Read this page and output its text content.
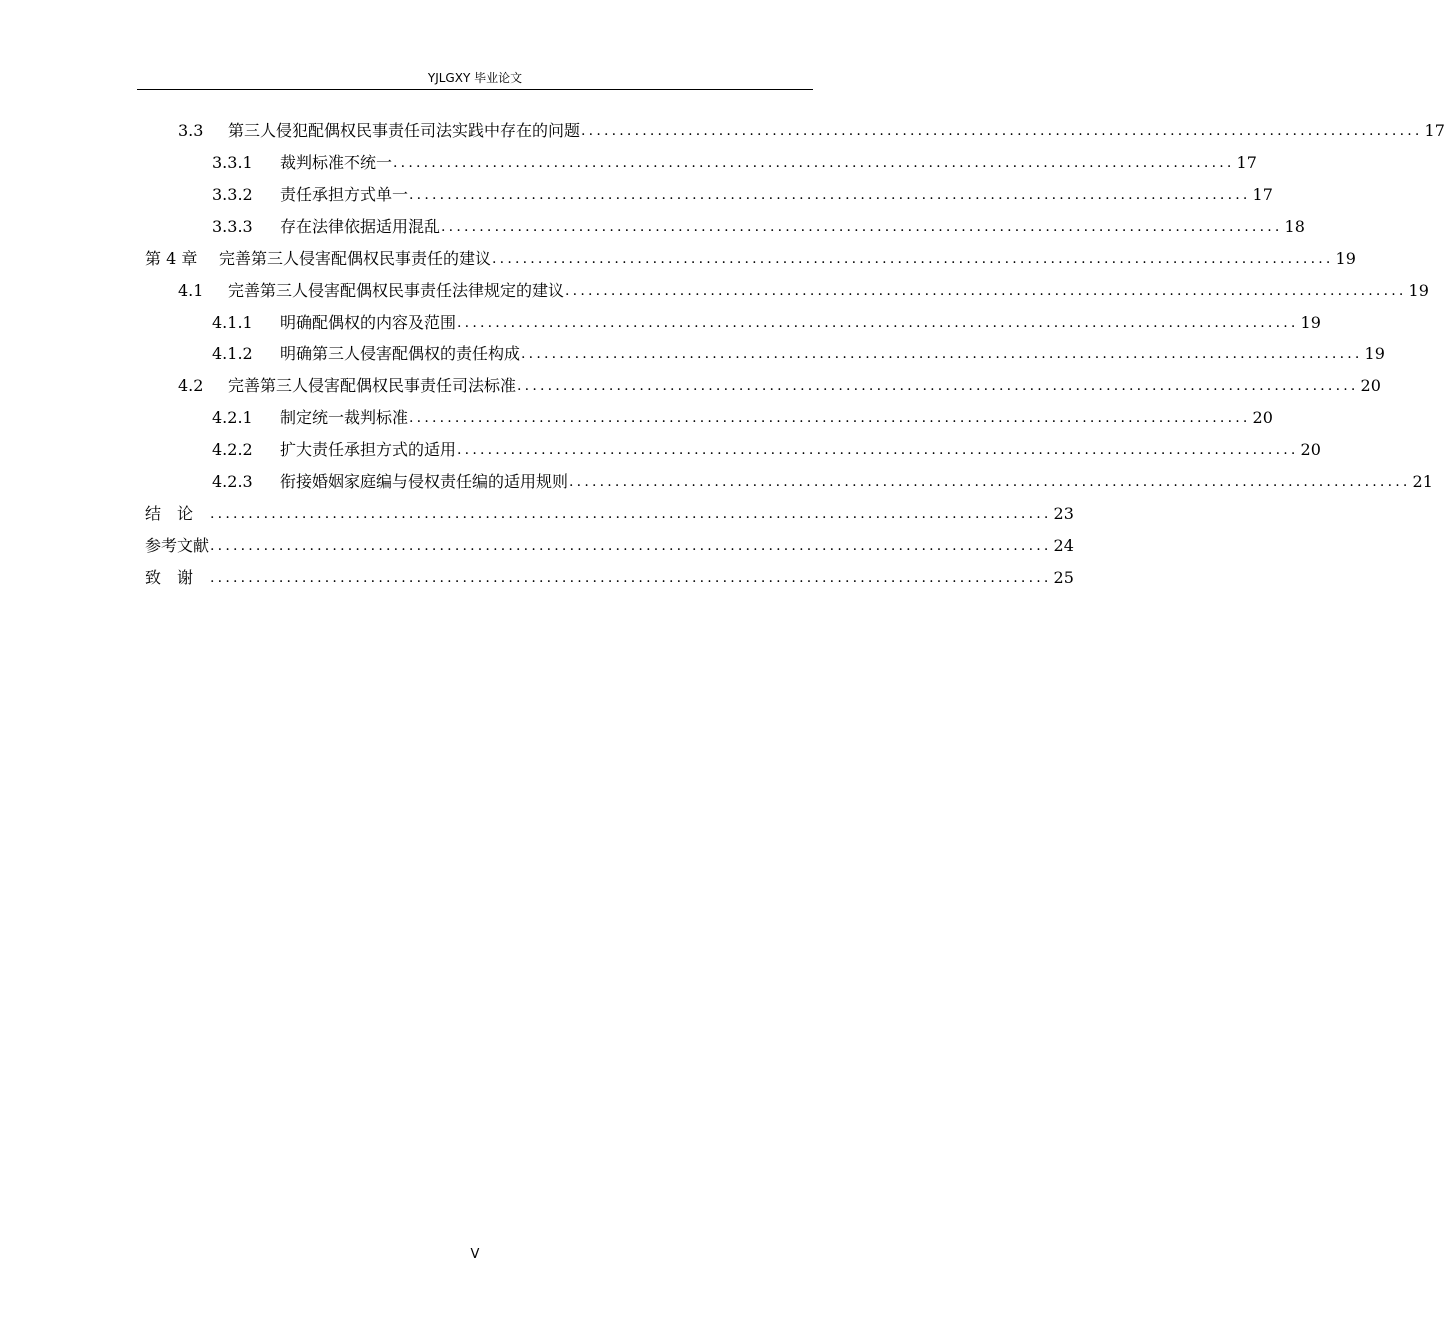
YJLGXY 毕业论文
3.3	第三人侵犯配偶权民事责任司法实践中存在的问题 .............................................................................................................. 17
3.3.1	裁判标准不统一 .............................................................................................................. 17
3.3.2	责任承担方式单一 .............................................................................................................. 17
3.3.3	存在法律依据适用混乱 .............................................................................................................. 18
第 4 章	完善第三人侵害配偶权民事责任的建议 .............................................................................................................. 19
4.1	完善第三人侵害配偶权民事责任法律规定的建议 .............................................................................................................. 19
4.1.1	明确配偶权的内容及范围 .............................................................................................................. 19
4.1.2	明确第三人侵害配偶权的责任构成 .............................................................................................................. 19
4.2	完善第三人侵害配偶权民事责任司法标准 .............................................................................................................. 20
4.2.1	制定统一裁判标准 .............................................................................................................. 20
4.2.2	扩大责任承担方式的适用 .............................................................................................................. 20
4.2.3	衔接婚姻家庭编与侵权责任编的适用规则 .............................................................................................................. 21
结论 .............................................................................................................. 23
参考文献 .............................................................................................................. 24
致谢 .............................................................................................................. 25
V
